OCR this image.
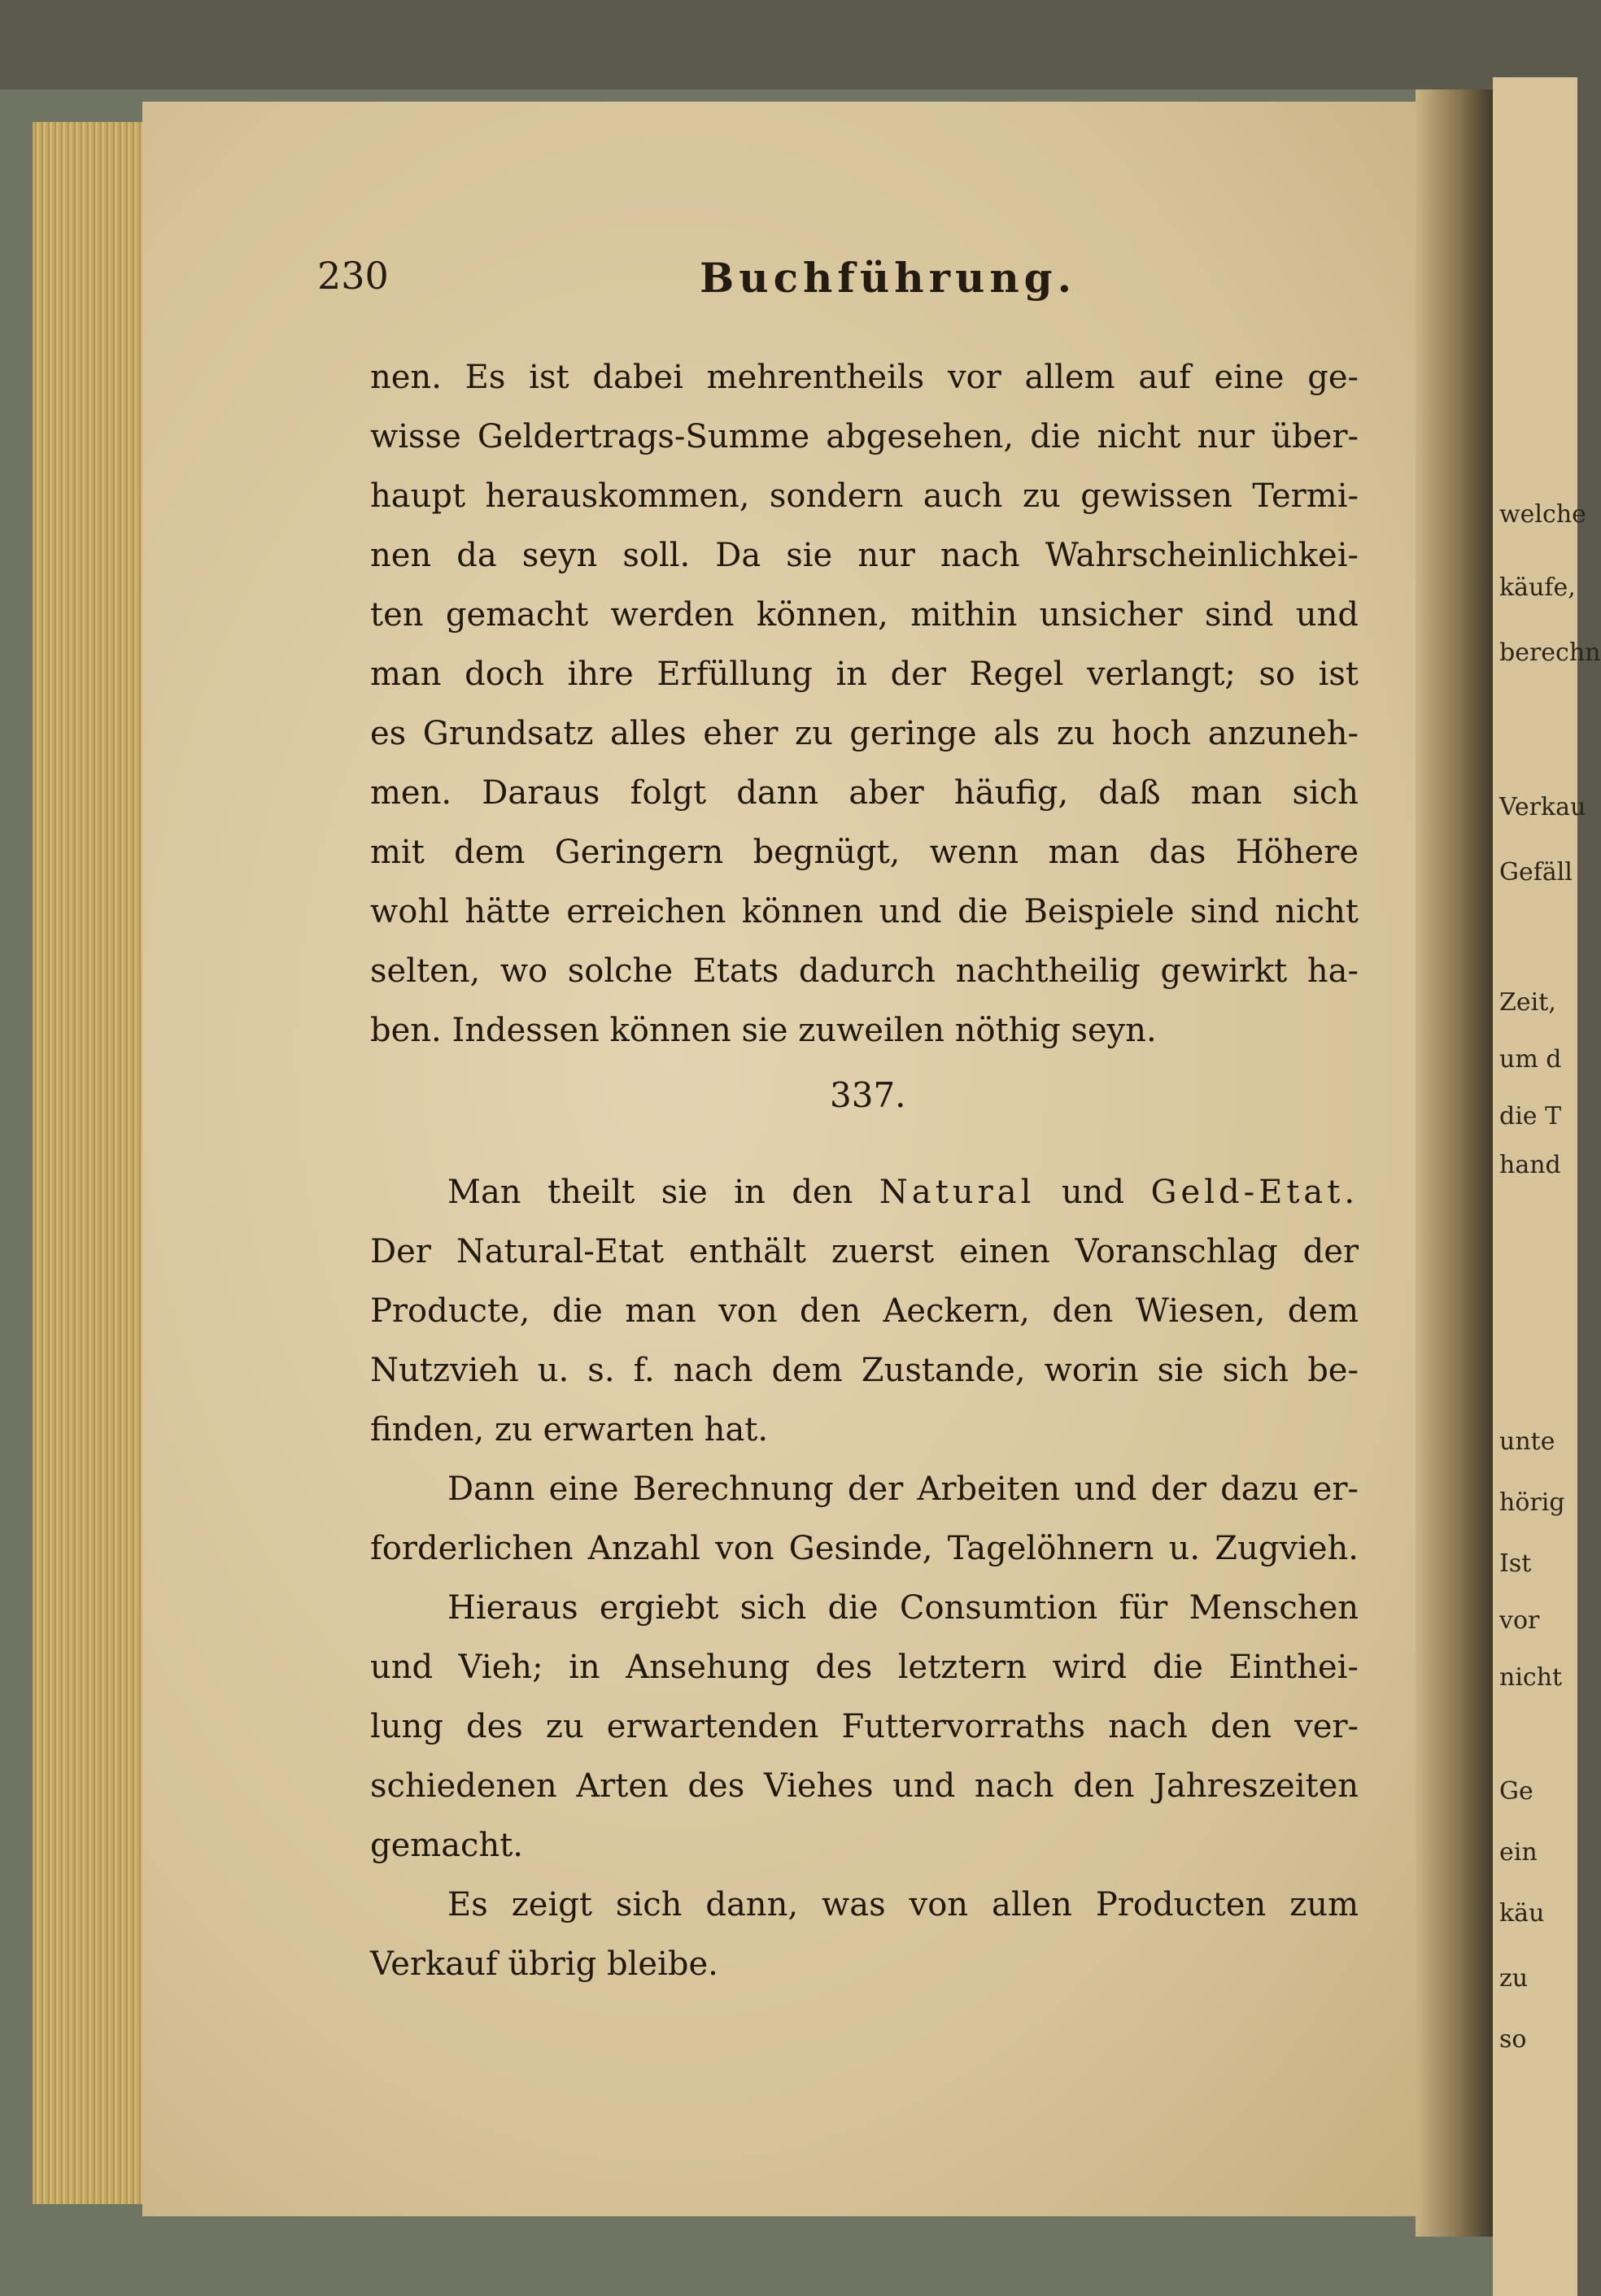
welche
käufe,
berechn
Verkau
Gefäll
Zeit,
um d
die T
hand
unte
hörig
Ist
vor
nicht
Ge
ein
käu
zu
so
230	Buchführung.
nen. Es ist dabei mehrentheils vor allem auf eine ge-
wisse Geldertrags-Summe abgesehen, die nicht nur über-
haupt herauskommen, sondern auch zu gewissen Termi-
nen da seyn soll. Da sie nur nach Wahrscheinlichkei-
ten gemacht werden können, mithin unsicher sind und
man doch ihre Erfüllung in der Regel verlangt; so ist
es Grundsatz alles eher zu geringe als zu hoch anzuneh-
men. Daraus folgt dann aber häufig, daß man sich
mit dem Geringern begnügt, wenn man das Höhere
wohl hätte erreichen können und die Beispiele sind nicht
selten, wo solche Etats dadurch nachtheilig gewirkt ha-
ben. Indessen können sie zuweilen nöthig seyn.
337.
Man theilt sie in den Natural und Geld-Etat.
Der Natural-Etat enthält zuerst einen Voranschlag der
Producte, die man von den Aeckern, den Wiesen, dem
Nutzvieh u. s. f. nach dem Zustande, worin sie sich be-
finden, zu erwarten hat.
Dann eine Berechnung der Arbeiten und der dazu er-
forderlichen Anzahl von Gesinde, Tagelöhnern u. Zugvieh.
Hieraus ergiebt sich die Consumtion für Menschen
und Vieh; in Ansehung des letztern wird die Einthei-
lung des zu erwartenden Futtervorraths nach den ver-
schiedenen Arten des Viehes und nach den Jahreszeiten
gemacht.
Es zeigt sich dann, was von allen Producten zum
Verkauf übrig bleibe.
